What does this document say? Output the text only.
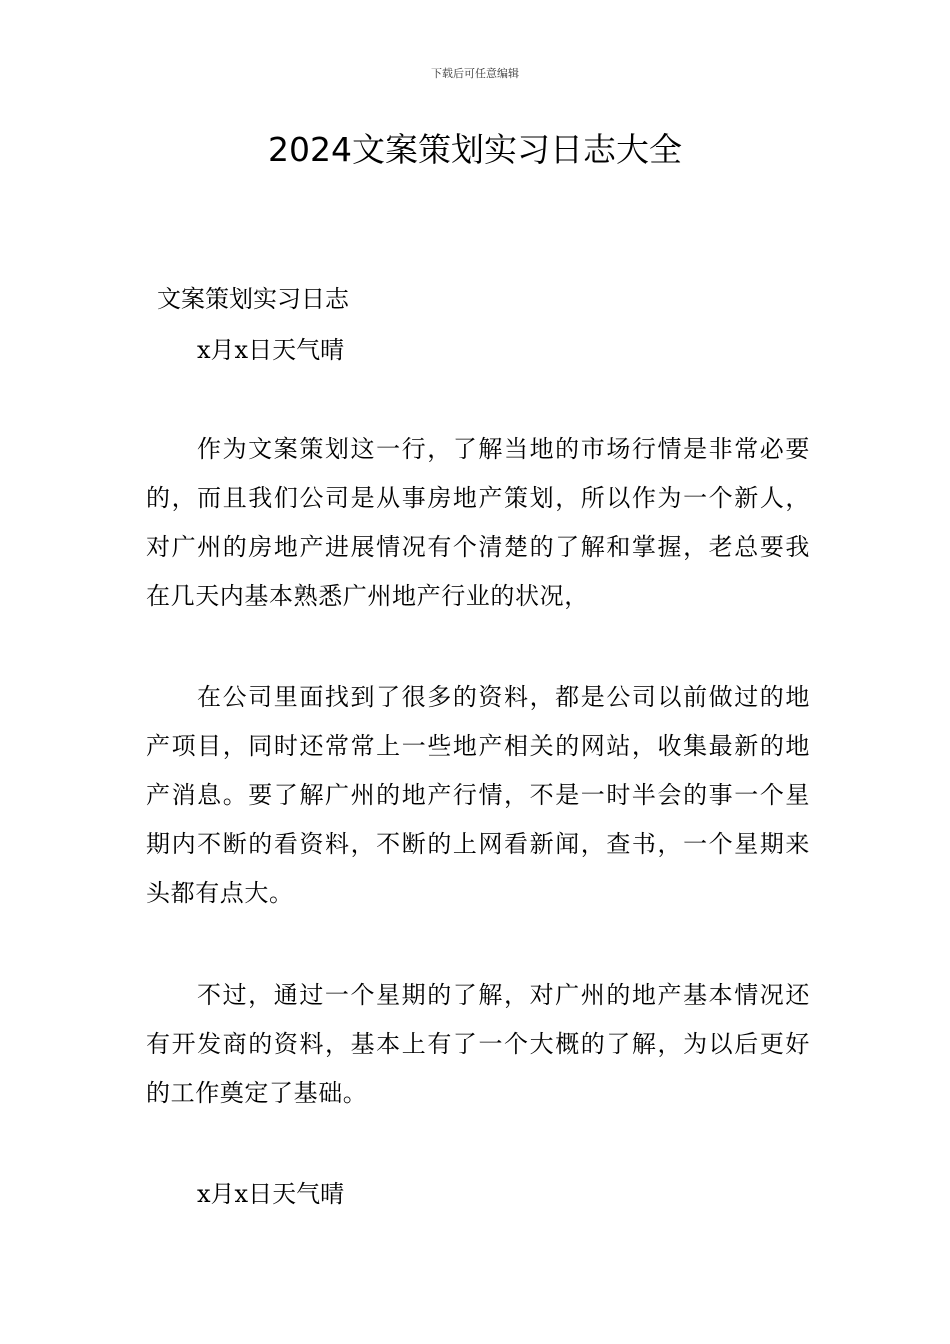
下载后可任意编辑
2024文案策划实习日志大全
文案策划实习日志
x月x日天气晴

作为文案策划这一行，了解当地的市场行情是非常必要的，而且我们公司是从事房地产策划，所以作为一个新人，对广州的房地产进展情况有个清楚的了解和掌握，老总要我在几天内基本熟悉广州地产行业的状况，

在公司里面找到了很多的资料，都是公司以前做过的地产项目，同时还常常上一些地产相关的网站，收集最新的地产消息。要了解广州的地产行情，不是一时半会的事一个星期内不断的看资料，不断的上网看新闻，查书，一个星期来头都有点大。

不过，通过一个星期的了解，对广州的地产基本情况还有开发商的资料，基本上有了一个大概的了解，为以后更好的工作奠定了基础。

x月x日天气晴
